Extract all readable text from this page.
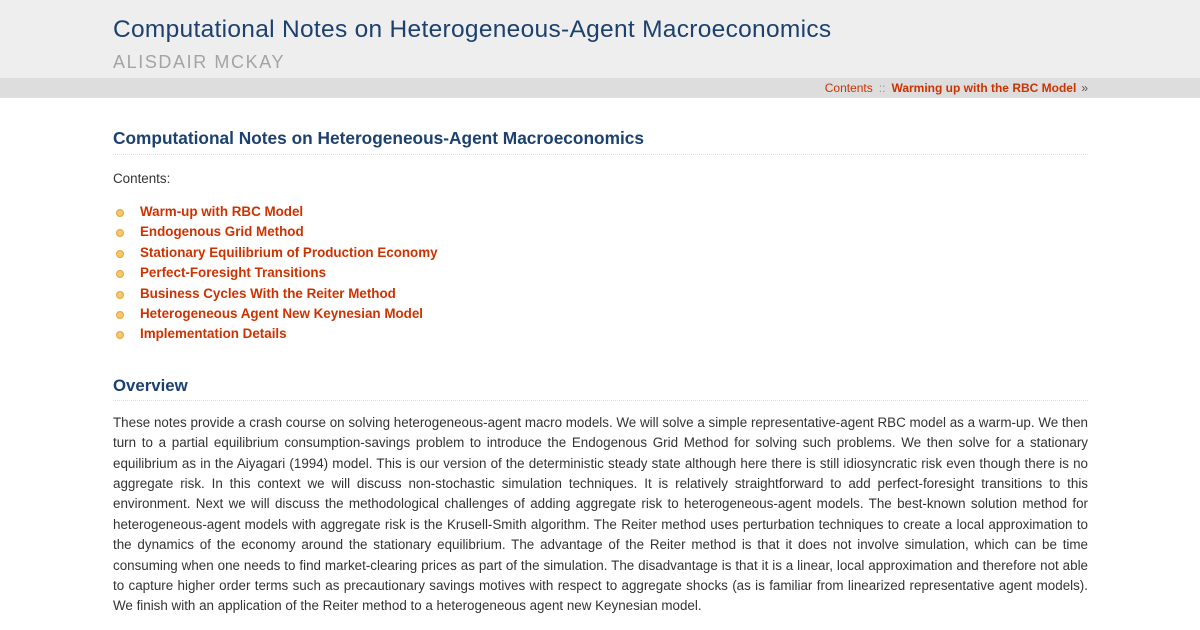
Computational Notes on Heterogeneous-Agent Macroeconomics
ALISDAIR MCKAY
Contents :: Warming up with the RBC Model »
Computational Notes on Heterogeneous-Agent Macroeconomics
Contents:
Warm-up with RBC Model
Endogenous Grid Method
Stationary Equilibrium of Production Economy
Perfect-Foresight Transitions
Business Cycles With the Reiter Method
Heterogeneous Agent New Keynesian Model
Implementation Details
Overview

These notes provide a crash course on solving heterogeneous-agent macro models. We will solve a simple representative-agent RBC model as a warm-up. We then turn to a partial equilibrium consumption-savings problem to introduce the Endogenous Grid Method for solving such problems. We then solve for a stationary equilibrium as in the Aiyagari (1994) model. This is our version of the deterministic steady state although here there is still idiosyncratic risk even though there is no aggregate risk. In this context we will discuss non-stochastic simulation techniques. It is relatively straightforward to add perfect-foresight transitions to this environment. Next we will discuss the methodological challenges of adding aggregate risk to heterogeneous-agent models. The best-known solution method for heterogeneous-agent models with aggregate risk is the Krusell-Smith algorithm. The Reiter method uses perturbation techniques to create a local approximation to the dynamics of the economy around the stationary equilibrium. The advantage of the Reiter method is that it does not involve simulation, which can be time consuming when one needs to find market-clearing prices as part of the simulation. The disadvantage is that it is a linear, local approximation and therefore not able to capture higher order terms such as precautionary savings motives with respect to aggregate shocks (as is familiar from linearized representative agent models). We finish with an application of the Reiter method to a heterogeneous agent new Keynesian model.
